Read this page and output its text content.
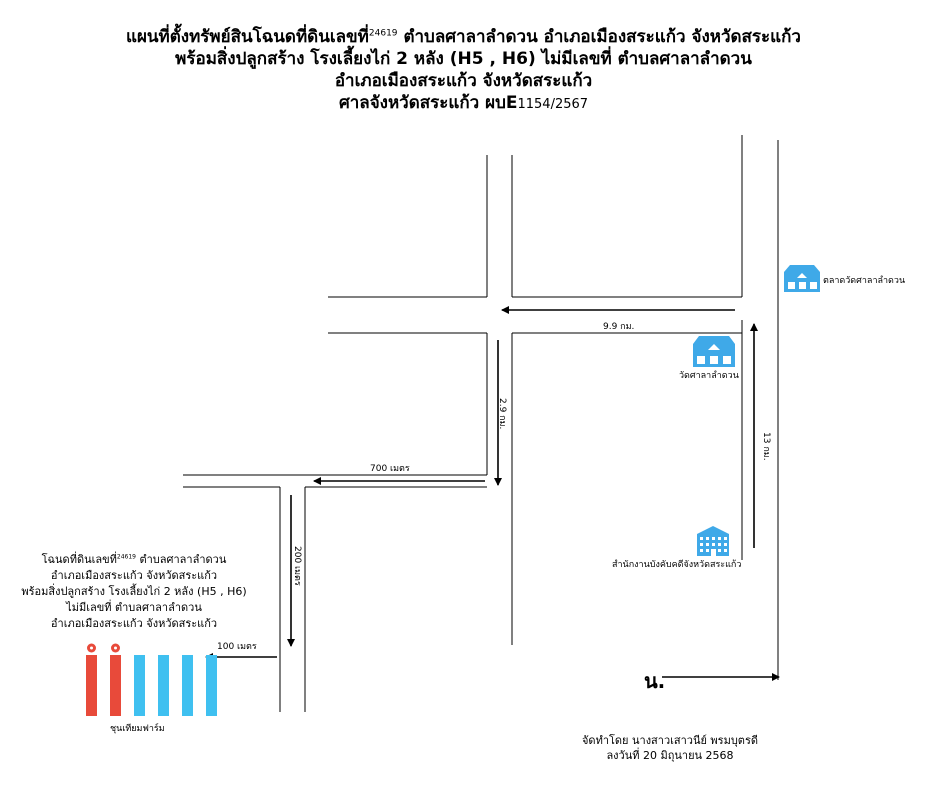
แผนที่ตั้งทรัพย์สินโฉนดที่ดินเลขที่$^{24619}$ ตำบลศาลาลำดวน อำเภอเมืองสระแก้ว จังหวัดสระแก้ว
พร้อมสิ่งปลูกสร้าง โรงเลี้ยงไก่ 2 หลัง (H5 , H6) ไม่มีเลขที่ ตำบลศาลาลำดวน
อำเภอเมืองสระแก้ว จังหวัดสระแก้ว
ศาลจังหวัดสระแก้ว ผบE1154/2567
ตลาดวัดศาลาลำดวน
วัดศาลาลำดวน
สำนักงานบังคับคดีจังหวัดสระแก้ว
ชุนเทียมฟาร์ม
9.9 กม.
2.9 กม.
13 กม.
700 เมตร
200 เมตร
100 เมตร
โฉนดที่ดินเลขที่$^{24619}$ ตำบลศาลาลำดวน
อำเภอเมืองสระแก้ว จังหวัดสระแก้ว
พร้อมสิ่งปลูกสร้าง โรงเลี้ยงไก่ 2 หลัง (H5 , H6)
ไม่มีเลขที่ ตำบลศาลาลำดวน
อำเภอเมืองสระแก้ว จังหวัดสระแก้ว
น.
จัดทำโดย นางสาวเสาวนีย์ พรมบุตรดี
ลงวันที่ 20 มิถุนายน 2568
